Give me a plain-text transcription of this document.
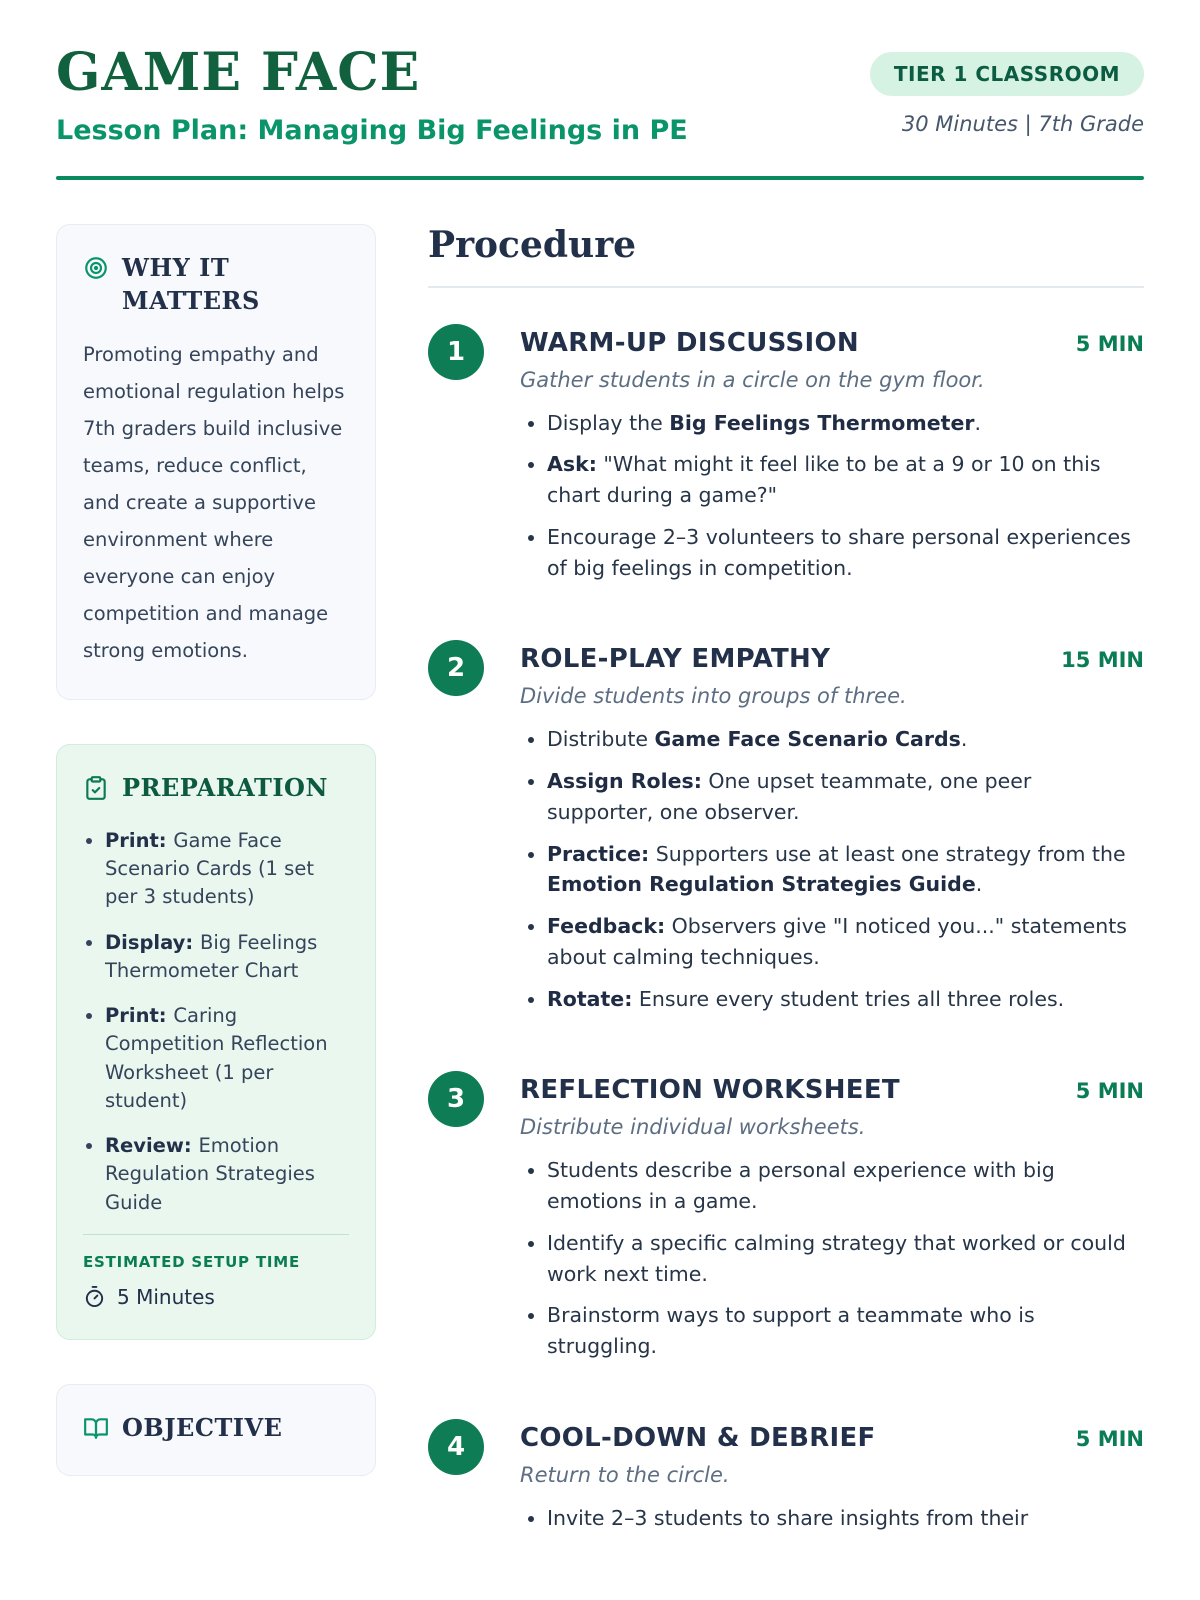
GAME FACE
Lesson Plan: Managing Big Feelings in PE
TIER 1 CLASSROOM
30 Minutes | 7th Grade
WHY IT MATTERS

Promoting empathy and emotional regulation helps 7th graders build inclusive teams, reduce conflict, and create a supportive environment where everyone can enjoy competition and manage strong emotions.

PREPARATION
• Print: Game Face Scenario Cards (1 set per 3 students)
• Display: Big Feelings Thermometer Chart
• Print: Caring Competition Reflection Worksheet (1 per student)
• Review: Emotion Regulation Strategies Guide
ESTIMATED SETUP TIME
5 Minutes
OBJECTIVE
Procedure
1	WARM-UP DISCUSSION	5 MIN

Gather students in a circle on the gym floor.

• Display the Big Feelings Thermometer.
• Ask: "What might it feel like to be at a 9 or 10 on this chart during a game?"
• Encourage 2–3 volunteers to share personal experiences of big feelings in competition.
2	ROLE-PLAY EMPATHY	15 MIN

Divide students into groups of three.

• Distribute Game Face Scenario Cards.
• Assign Roles: One upset teammate, one peer supporter, one observer.
• Practice: Supporters use at least one strategy from the Emotion Regulation Strategies Guide.
• Feedback: Observers give "I noticed you..." statements about calming techniques.
• Rotate: Ensure every student tries all three roles.
3	REFLECTION WORKSHEET	5 MIN

Distribute individual worksheets.

• Students describe a personal experience with big emotions in a game.
• Identify a specific calming strategy that worked or could work next time.
• Brainstorm ways to support a teammate who is struggling.
4	COOL-DOWN & DEBRIEF	5 MIN

Return to the circle.

• Invite 2–3 students to share insights from their
